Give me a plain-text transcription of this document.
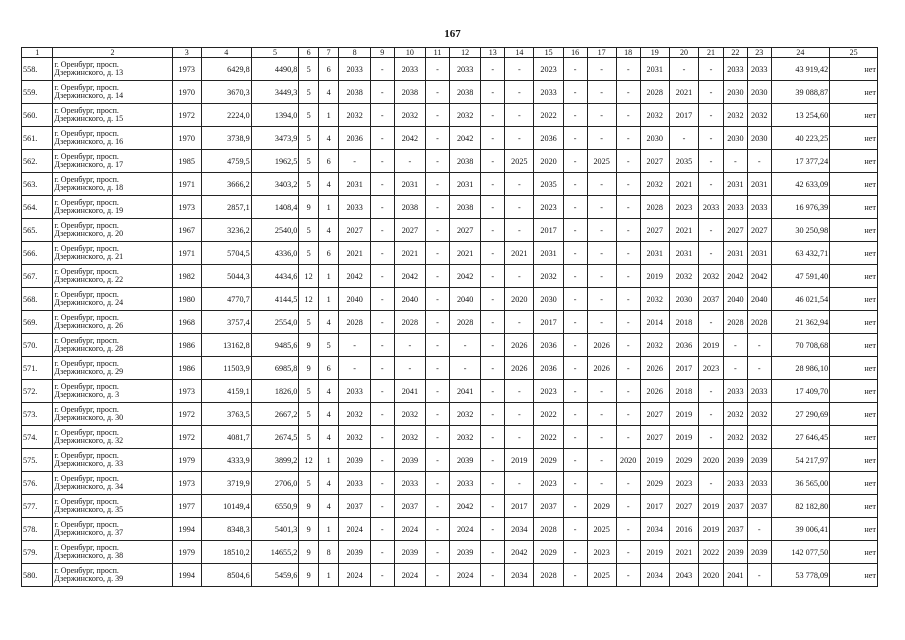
167
1	2	3	4	5	6	7	8	9	10	11	12	13	14	15	16	17	18	19	20	21	22	23	24	25
558.	г. Оренбург, просп. Дзержинского, д. 13	1973	6429,8	4490,8	5	6	2033	-	2033	-	2033	-	-	2023	-	-	-	2031	-	-	2033	2033	43 919,42	нет
559.	г. Оренбург, просп. Дзержинского, д. 14	1970	3670,3	3449,3	5	4	2038	-	2038	-	2038	-	-	2033	-	-	-	2028	2021	-	2030	2030	39 088,87	нет
560.	г. Оренбург, просп. Дзержинского, д. 15	1972	2224,0	1394,0	5	1	2032	-	2032	-	2032	-	-	2022	-	-	-	2032	2017	-	2032	2032	13 254,60	нет
561.	г. Оренбург, просп. Дзержинского, д. 16	1970	3738,9	3473,9	5	4	2036	-	2042	-	2042	-	-	2036	-	-	-	2030	-	-	2030	2030	40 223,25	нет
562.	г. Оренбург, просп. Дзержинского, д. 17	1985	4759,5	1962,5	5	6	-	-	-	-	2038	-	2025	2020	-	2025	-	2027	2035	-	-	-	17 377,24	нет
563.	г. Оренбург, просп. Дзержинского, д. 18	1971	3666,2	3403,2	5	4	2031	-	2031	-	2031	-	-	2035	-	-	-	2032	2021	-	2031	2031	42 633,09	нет
564.	г. Оренбург, просп. Дзержинского, д. 19	1973	2857,1	1408,4	9	1	2033	-	2038	-	2038	-	-	2023	-	-	-	2028	2023	2033	2033	2033	16 976,39	нет
565.	г. Оренбург, просп. Дзержинского, д. 20	1967	3236,2	2540,0	5	4	2027	-	2027	-	2027	-	-	2017	-	-	-	2027	2021	-	2027	2027	30 250,98	нет
566.	г. Оренбург, просп. Дзержинского, д. 21	1971	5704,5	4336,0	5	6	2021	-	2021	-	2021	-	2021	2031	-	-	-	2031	2031	-	2031	2031	63 432,71	нет
567.	г. Оренбург, просп. Дзержинского, д. 22	1982	5044,3	4434,6	12	1	2042	-	2042	-	2042	-	-	2032	-	-	-	2019	2032	2032	2042	2042	47 591,40	нет
568.	г. Оренбург, просп. Дзержинского, д. 24	1980	4770,7	4144,5	12	1	2040	-	2040	-	2040	-	2020	2030	-	-	-	2032	2030	2037	2040	2040	46 021,54	нет
569.	г. Оренбург, просп. Дзержинского, д. 26	1968	3757,4	2554,0	5	4	2028	-	2028	-	2028	-	-	2017	-	-	-	2014	2018	-	2028	2028	21 362,94	нет
570.	г. Оренбург, просп. Дзержинского, д. 28	1986	13162,8	9485,6	9	5	-	-	-	-	-	-	2026	2036	-	2026	-	2032	2036	2019	-	-	70 708,68	нет
571.	г. Оренбург, просп. Дзержинского, д. 29	1986	11503,9	6985,8	9	6	-	-	-	-	-	-	2026	2036	-	2026	-	2026	2017	2023	-	-	28 986,10	нет
572.	г. Оренбург, просп. Дзержинского, д. 3	1973	4159,1	1826,0	5	4	2033	-	2041	-	2041	-	-	2023	-	-	-	2026	2018	-	2033	2033	17 409,70	нет
573.	г. Оренбург, просп. Дзержинского, д. 30	1972	3763,5	2667,2	5	4	2032	-	2032	-	2032	-	-	2022	-	-	-	2027	2019	-	2032	2032	27 290,69	нет
574.	г. Оренбург, просп. Дзержинского, д. 32	1972	4081,7	2674,5	5	4	2032	-	2032	-	2032	-	-	2022	-	-	-	2027	2019	-	2032	2032	27 646,45	нет
575.	г. Оренбург, просп. Дзержинского, д. 33	1979	4333,9	3899,2	12	1	2039	-	2039	-	2039	-	2019	2029	-	-	2020	2019	2029	2020	2039	2039	54 217,97	нет
576.	г. Оренбург, просп. Дзержинского, д. 34	1973	3719,9	2706,0	5	4	2033	-	2033	-	2033	-	-	2023	-	-	-	2029	2023	-	2033	2033	36 565,00	нет
577.	г. Оренбург, просп. Дзержинского, д. 35	1977	10149,4	6550,9	9	4	2037	-	2037	-	2042	-	2017	2037	-	2029	-	2017	2027	2019	2037	2037	82 182,80	нет
578.	г. Оренбург, просп. Дзержинского, д. 37	1994	8348,3	5401,3	9	1	2024	-	2024	-	2024	-	2034	2028	-	2025	-	2034	2016	2019	2037	-	39 006,41	нет
579.	г. Оренбург, просп. Дзержинского, д. 38	1979	18510,2	14655,2	9	8	2039	-	2039	-	2039	-	2042	2029	-	2023	-	2019	2021	2022	2039	2039	142 077,50	нет
580.	г. Оренбург, просп. Дзержинского, д. 39	1994	8504,6	5459,6	9	1	2024	-	2024	-	2024	-	2034	2028	-	2025	-	2034	2043	2020	2041	-	53 778,09	нет
